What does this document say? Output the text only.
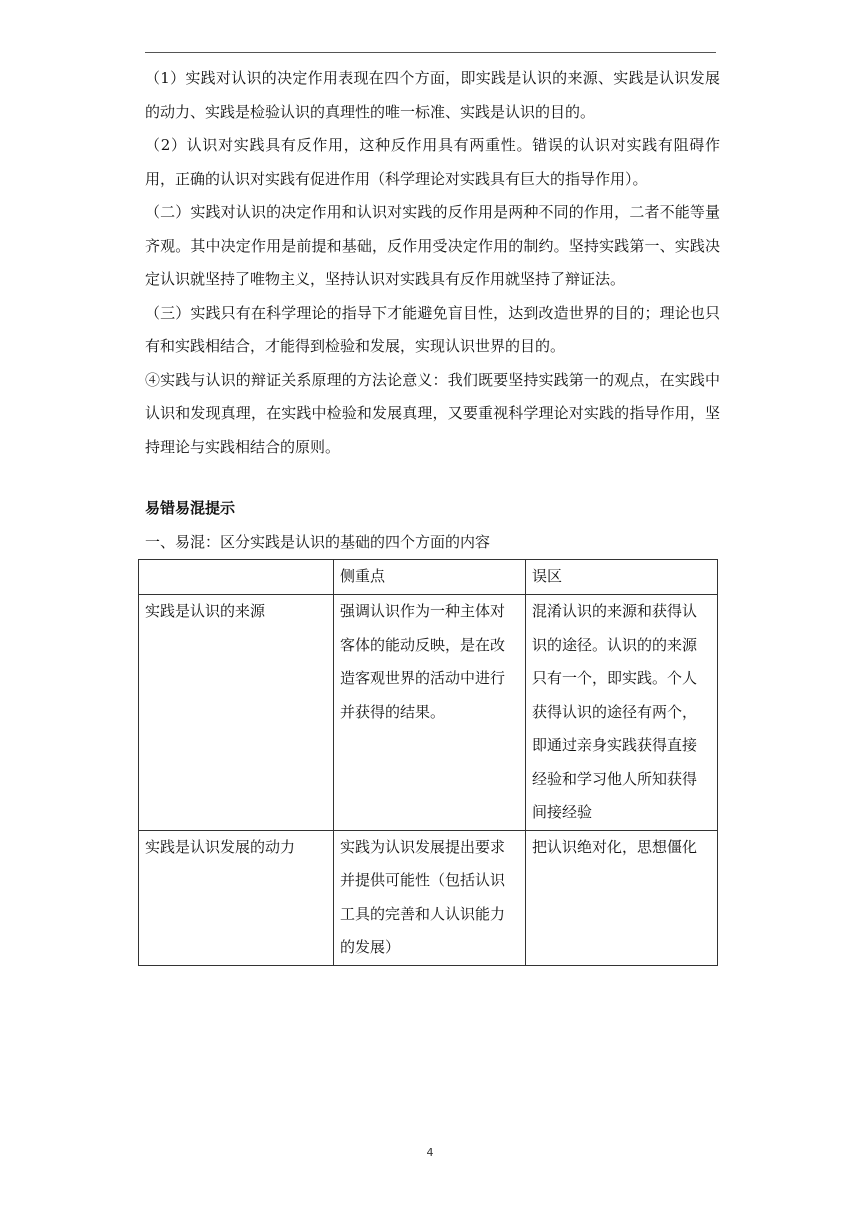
（1）实践对认识的决定作用表现在四个方面，即实践是认识的来源、实践是认识发展的动力、实践是检验认识的真理性的唯一标准、实践是认识的目的。

（2）认识对实践具有反作用，这种反作用具有两重性。错误的认识对实践有阻碍作用，正确的认识对实践有促进作用（科学理论对实践具有巨大的指导作用）。

（二）实践对认识的决定作用和认识对实践的反作用是两种不同的作用，二者不能等量齐观。其中决定作用是前提和基础，反作用受决定作用的制约。坚持实践第一、实践决定认识就坚持了唯物主义，坚持认识对实践具有反作用就坚持了辩证法。

（三）实践只有在科学理论的指导下才能避免盲目性，达到改造世界的目的；理论也只有和实践相结合，才能得到检验和发展，实现认识世界的目的。

④实践与认识的辩证关系原理的方法论意义：我们既要坚持实践第一的观点，在实践中认识和发现真理，在实践中检验和发展真理，又要重视科学理论对实践的指导作用，坚持理论与实践相结合的原则。

易错易混提示

一、易混：区分实践是认识的基础的四个方面的内容

	侧重点	误区
实践是认识的来源	强调认识作为一种主体对客体的能动反映，是在改造客观世界的活动中进行并获得的结果。	混淆认识的来源和获得认识的途径。认识的的来源只有一个，即实践。个人获得认识的途径有两个，即通过亲身实践获得直接经验和学习他人所知获得间接经验
实践是认识发展的动力	实践为认识发展提出要求并提供可能性（包括认识工具的完善和人认识能力的发展）	把认识绝对化，思想僵化
4
